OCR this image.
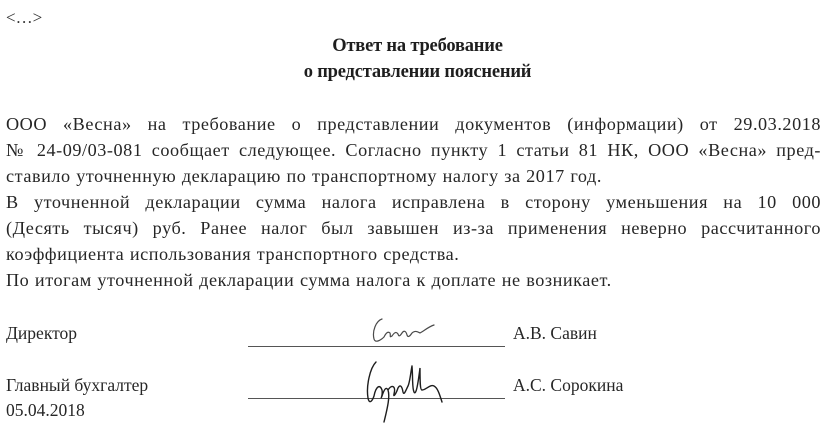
<…>
Ответ на требование
о представлении пояснений
ООО «Весна» на требование о представлении документов (информации) от 29.03.2018
№ 24-09/03-081 сообщает следующее. Согласно пункту 1 статьи 81 НК, ООО «Весна» пред-
ставило уточненную декларацию по транспортному налогу за 2017 год.
В уточненной декларации сумма налога исправлена в сторону уменьшения на 10 000
(Десять тысяч) руб. Ранее налог был завышен из-за применения неверно рассчитанного
коэффициента использования транспортного средства.
По итогам уточненной декларации сумма налога к доплате не возникает.
Директор	А.В. Савин
Главный бухгалтер	А.С. Сорокина
05.04.2018
